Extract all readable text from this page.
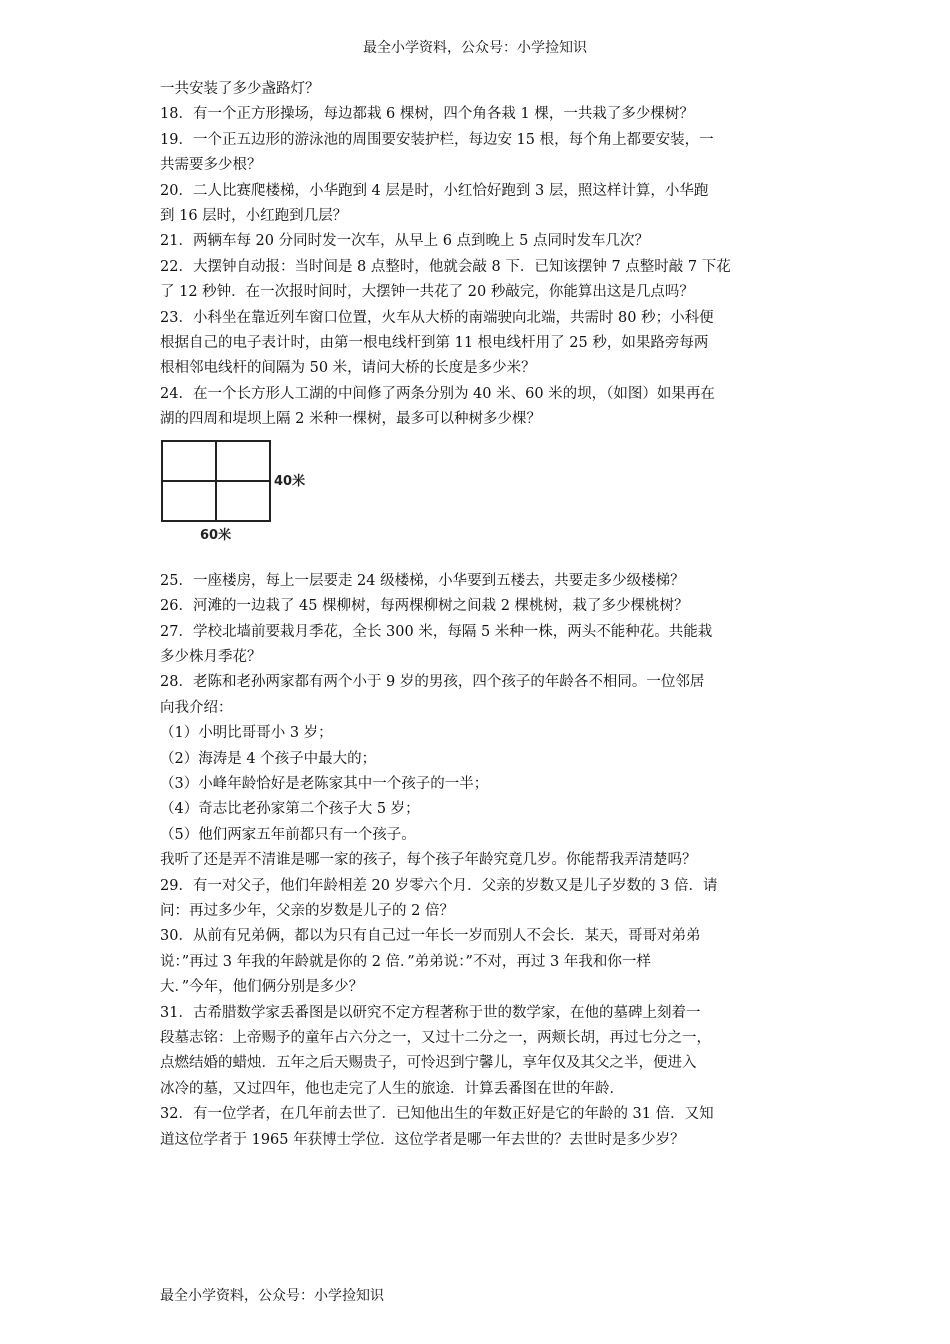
最全小学资料，公众号：小学捡知识

一共安装了多少盏路灯？

18．有一个正方形操场，每边都栽 6 棵树，四个角各栽 1 棵，一共栽了多少棵树？

19．一个正五边形的游泳池的周围要安装护栏，每边安 15 根，每个角上都要安装，一

共需要多少根？

20．二人比赛爬楼梯，小华跑到 4 层是时，小红恰好跑到 3 层，照这样计算，小华跑

到 16 层时，小红跑到几层？

21．两辆车每 20 分同时发一次车，从早上 6 点到晚上 5 点同时发车几次？

22．大摆钟自动报：当时间是 8 点整时，他就会敲 8 下．已知该摆钟 7 点整时敲 7 下花

了 12 秒钟．在一次报时间时，大摆钟一共花了 20 秒敲完，你能算出这是几点吗？

23．小科坐在靠近列车窗口位置，火车从大桥的南端驶向北端，共需时 80 秒；小科便

根据自己的电子表计时，由第一根电线杆到第 11 根电线杆用了 25 秒，如果路旁每两

根相邻电线杆的间隔为 50 米，请问大桥的长度是多少米？

24．在一个长方形人工湖的中间修了两条分别为 40 米、60 米的坝，（如图）如果再在

湖的四周和堤坝上隔 2 米种一棵树，最多可以种树多少棵？

40米
60米

25．一座楼房，每上一层要走 24 级楼梯，小华要到五楼去，共要走多少级楼梯？

26．河滩的一边栽了 45 棵柳树，每两棵柳树之间栽 2 棵桃树，栽了多少棵桃树？

27．学校北墙前要栽月季花，全长 300 米，每隔 5 米种一株，两头不能种花。共能栽

多少株月季花？

28．老陈和老孙两家都有两个小于 9 岁的男孩，四个孩子的年龄各不相同。一位邻居

向我介绍：

（1）小明比哥哥小 3 岁；

（2）海涛是 4 个孩子中最大的；

（3）小峰年龄恰好是老陈家其中一个孩子的一半；

（4）奇志比老孙家第二个孩子大 5 岁；

（5）他们两家五年前都只有一个孩子。

我听了还是弄不清谁是哪一家的孩子，每个孩子年龄究竟几岁。你能帮我弄清楚吗？

29．有一对父子，他们年龄相差 20 岁零六个月．父亲的岁数又是儿子岁数的 3 倍．请

问：再过多少年，父亲的岁数是儿子的 2 倍？

30．从前有兄弟俩，都以为只有自己过一年长一岁而别人不会长．某天，哥哥对弟弟

说：”再过 3 年我的年龄就是你的 2 倍．”弟弟说：”不对，再过 3 年我和你一样

大．”今年，他们俩分别是多少？

31．古希腊数学家丢番图是以研究不定方程著称于世的数学家，在他的墓碑上刻着一

段墓志铭：上帝赐予的童年占六分之一，又过十二分之一，两颊长胡，再过七分之一，

点燃结婚的蜡烛．五年之后天赐贵子，可怜迟到宁馨儿，享年仅及其父之半，便进入

冰冷的墓，又过四年，他也走完了人生的旅途．计算丢番图在世的年龄．

32．有一位学者，在几年前去世了．已知他出生的年数正好是它的年龄的 31 倍．又知

道这位学者于 1965 年获博士学位．这位学者是哪一年去世的？去世时是多少岁？

最全小学资料，公众号：小学捡知识
